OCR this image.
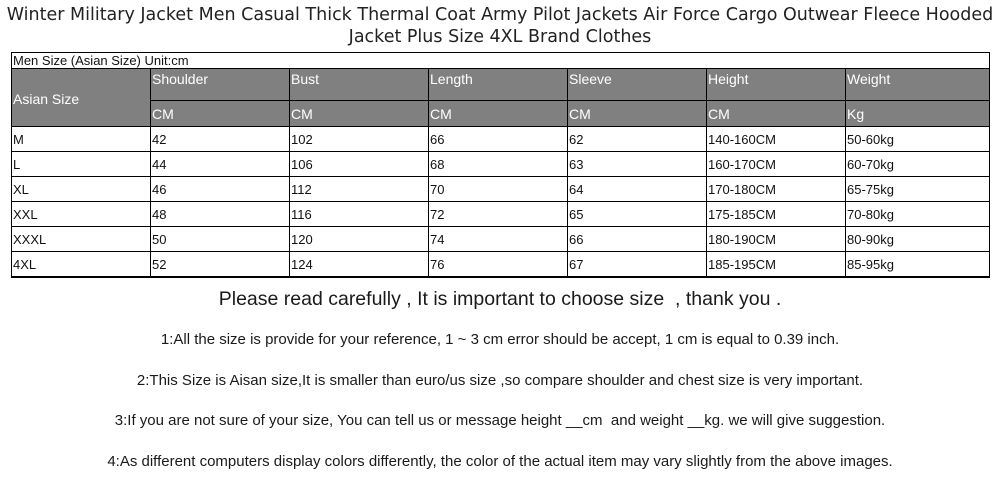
Winter Military Jacket Men Casual Thick Thermal Coat Army Pilot Jackets Air Force Cargo Outwear Fleece Hooded
Jacket Plus Size 4XL Brand Clothes
Men Size (Asian Size) Unit:cm						
Asian Size	Shoulder	Bust	Length	Sleeve	Height	Weight
	CM	CM	CM	CM	CM	Kg
M	42	102	66	62	140-160CM	50-60kg
L	44	106	68	63	160-170CM	60-70kg
XL	46	112	70	64	170-180CM	65-75kg
XXL	48	116	72	65	175-185CM	70-80kg
XXXL	50	120	74	66	180-190CM	80-90kg
4XL	52	124	76	67	185-195CM	85-95kg
Please read carefully , It is important to choose size  , thank you .
1:All the size is provide for your reference, 1 ~ 3 cm error should be accept, 1 cm is equal to 0.39 inch.
2:This Size is Aisan size,It is smaller than euro/us size ,so compare shoulder and chest size is very important.
3:If you are not sure of your size, You can tell us or message height __cm  and weight __kg. we will give suggestion.
4:As different computers display colors differently, the color of the actual item may vary slightly from the above images.
